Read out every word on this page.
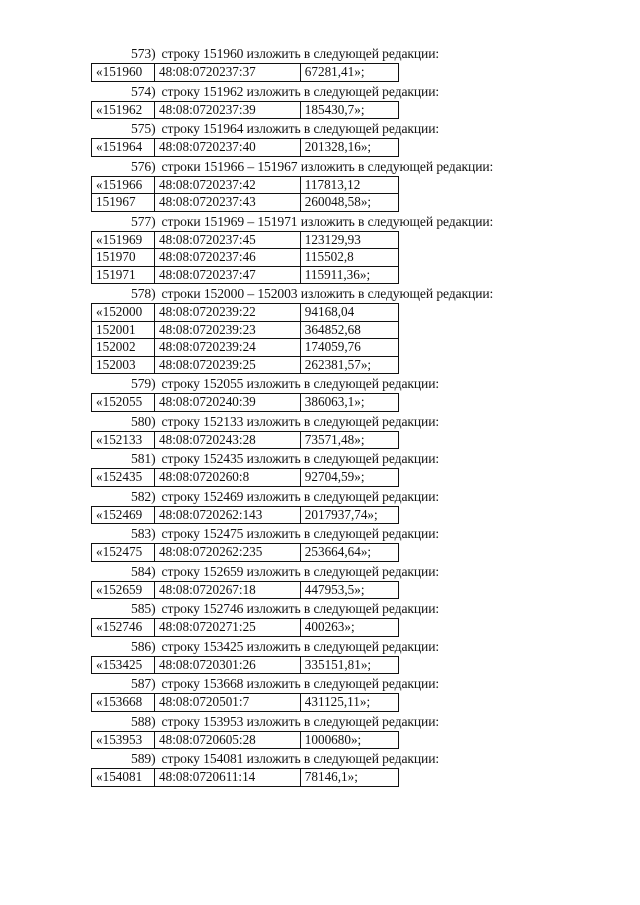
573) строку 151960 изложить в следующей редакции:
«151960	48:08:0720237:37	67281,41»;
574) строку 151962 изложить в следующей редакции:
«151962	48:08:0720237:39	185430,7»;
575) строку 151964 изложить в следующей редакции:
«151964	48:08:0720237:40	201328,16»;
576) строки 151966 – 151967 изложить в следующей редакции:
«151966	48:08:0720237:42	117813,12
151967	48:08:0720237:43	260048,58»;
577) строки 151969 – 151971 изложить в следующей редакции:
«151969	48:08:0720237:45	123129,93
151970	48:08:0720237:46	115502,8
151971	48:08:0720237:47	115911,36»;
578) строки 152000 – 152003 изложить в следующей редакции:
«152000	48:08:0720239:22	94168,04
152001	48:08:0720239:23	364852,68
152002	48:08:0720239:24	174059,76
152003	48:08:0720239:25	262381,57»;
579) строку 152055 изложить в следующей редакции:
«152055	48:08:0720240:39	386063,1»;
580) строку 152133 изложить в следующей редакции:
«152133	48:08:0720243:28	73571,48»;
581) строку 152435 изложить в следующей редакции:
«152435	48:08:0720260:8	92704,59»;
582) строку 152469 изложить в следующей редакции:
«152469	48:08:0720262:143	2017937,74»;
583) строку 152475 изложить в следующей редакции:
«152475	48:08:0720262:235	253664,64»;
584) строку 152659 изложить в следующей редакции:
«152659	48:08:0720267:18	447953,5»;
585) строку 152746 изложить в следующей редакции:
«152746	48:08:0720271:25	400263»;
586) строку 153425 изложить в следующей редакции:
«153425	48:08:0720301:26	335151,81»;
587) строку 153668 изложить в следующей редакции:
«153668	48:08:0720501:7	431125,11»;
588) строку 153953 изложить в следующей редакции:
«153953	48:08:0720605:28	1000680»;
589) строку 154081 изложить в следующей редакции:
«154081	48:08:0720611:14	78146,1»;
